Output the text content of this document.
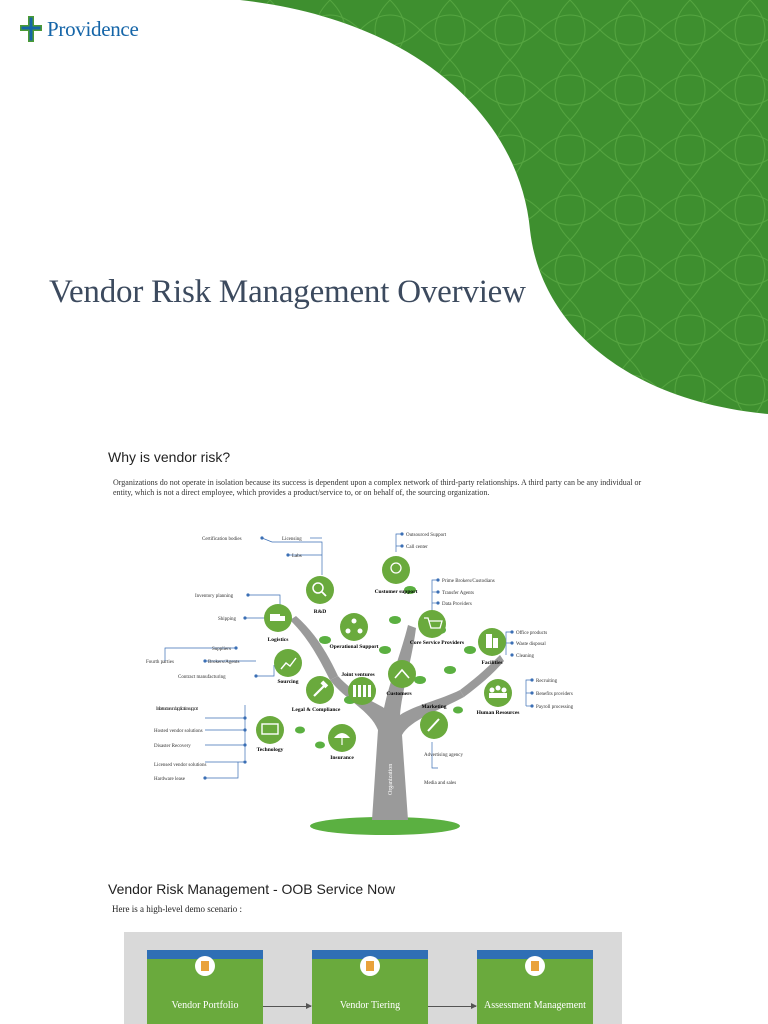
Providence
Vendor Risk Management Overview
Why is vendor risk?
Organizations do not operate in isolation because its success is dependent upon a complex network of third-party relationships. A third party can be any individual or entity, which is not a direct employee, which provides a product/service to, or on behalf of, the sourcing organization.
Organization
R&D
Customer support
Logistics
Operational Support
Core Service Providers
Facilities
Sourcing
Joint ventures
Customers
Legal & Compliance	Marketing
Human Resources
Technology
Insurance
Certification bodies	Licensing
Labs
Outsourced Support
Call center
Inventory planning
Shipping
Prime Brokers/Custodians
Transfer Agents
Data Providers
Office products
Waste disposal
Cleaning
Suppliers
Fourth parties	Brokers/Agents
Contract manufacturing
Recruiting
Benefits providers
Payroll processing
Infrastructure and application support
Hosted vendor solutions
Disaster Recovery
Licensed vendor solutions
Hardware lease
Advertising agency
Media and sales
Vendor Risk Management - OOB Service Now
Here is a high-level demo scenario :
Vendor Portfolio	Vendor Tiering	Assessment Management
